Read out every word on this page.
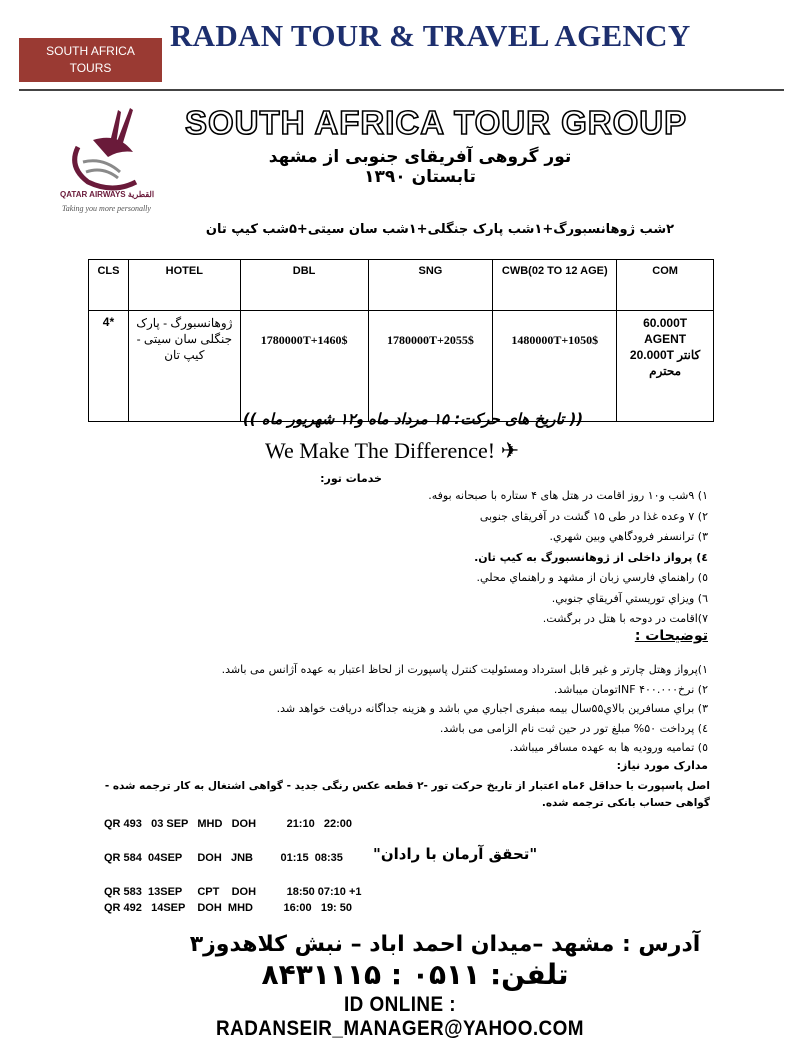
SOUTH AFRICA
TOURS
RADAN TOUR & TRAVEL AGENCY
QATAR AIRWAYS القطرية
Taking you more personally
SOUTH AFRICA TOUR GROUP
تور گروهی آفریقای جنوبی از مشهد تابستان ۱۳۹۰
۲شب ژوهانسبورگ+۱شب پارک جنگلی+۱شب سان سیتی+۵شب کیپ تان
CLS	HOTEL	DBL	SNG	CWB(02 TO 12 AGE)	COM
4*	ژوهانسبورگ - پارک جنگلی سان سیتی - کیپ تان	1780000T+1460$	1780000T+2055$	1480000T+1050$	60.000T
AGENT
کانتر 20.000T
محترم
(( تاریخ های حرکت: ۱۵ مرداد ماه و۱۲ شهریور ماه ))
We Make The Difference! ✈
خدمات تور:
۱) ۹شب و۱۰ روز اقامت در هتل های ۴ ستاره با صبحانه بوفه.
۲) ۷ وعده غذا در طی ۱۵ گشت در آفریقای جنوبی
۳) ترانسفر فرودگاهي وبين شهري.
٤) پرواز داخلی از ژوهانسبورگ به کیپ تان.
٥) راهنماي فارسي زبان از مشهد و راهنماي محلي.
٦) ويزاي توريستي آفريقاي جنوبي.
۷)اقامت در دوحه با هتل در برگشت.
توضیحات :
۱)پرواز وهتل چارتر و غير قابل استرداد ومسئولیت کنترل پاسپورت از لحاظ اعتبار به عهده آژانس می باشد.
۲) نرخINF ۴۰۰.۰۰۰تومان میباشد.
۳) براي مسافرين بالاي۵۵سال بيمه مبفرى اجباري مي باشد و هزينه جداگانه دريافت خواهد شد.
٤) پرداخت ۵۰% مبلغ تور در حین ثبت نام الزامی می باشد.
٥) تمامیه ورودیه ها به عهده مسافر میباشد.
مدارک مورد نیاز:
اصل پاسپورت با حداقل ۶ماه اعتبار از تاریخ حرکت تور -۲ قطعه عکس رنگی جدید - گواهی اشتغال به کار ترجمه شده - گواهی حساب بانکی ترجمه شده.
QR 493   03 SEP   MHD   DOH          21:10   22:00
QR 584  04SEP     DOH   JNB         01:15  08:35
QR 583  13SEP     CPT    DOH          18:50 07:10 +1
QR 492   14SEP    DOH  MHD          16:00   19: 50
"تحقق آرمان با رادان"
آدرس : مشهد –میدان احمد اباد – نبش کلاهدوز۳
تلفن: ۰۵۱۱ : ۸۴۳۱۱۱۵
ID ONLINE : RADANSEIR_MANAGER@YAHOO.COM
